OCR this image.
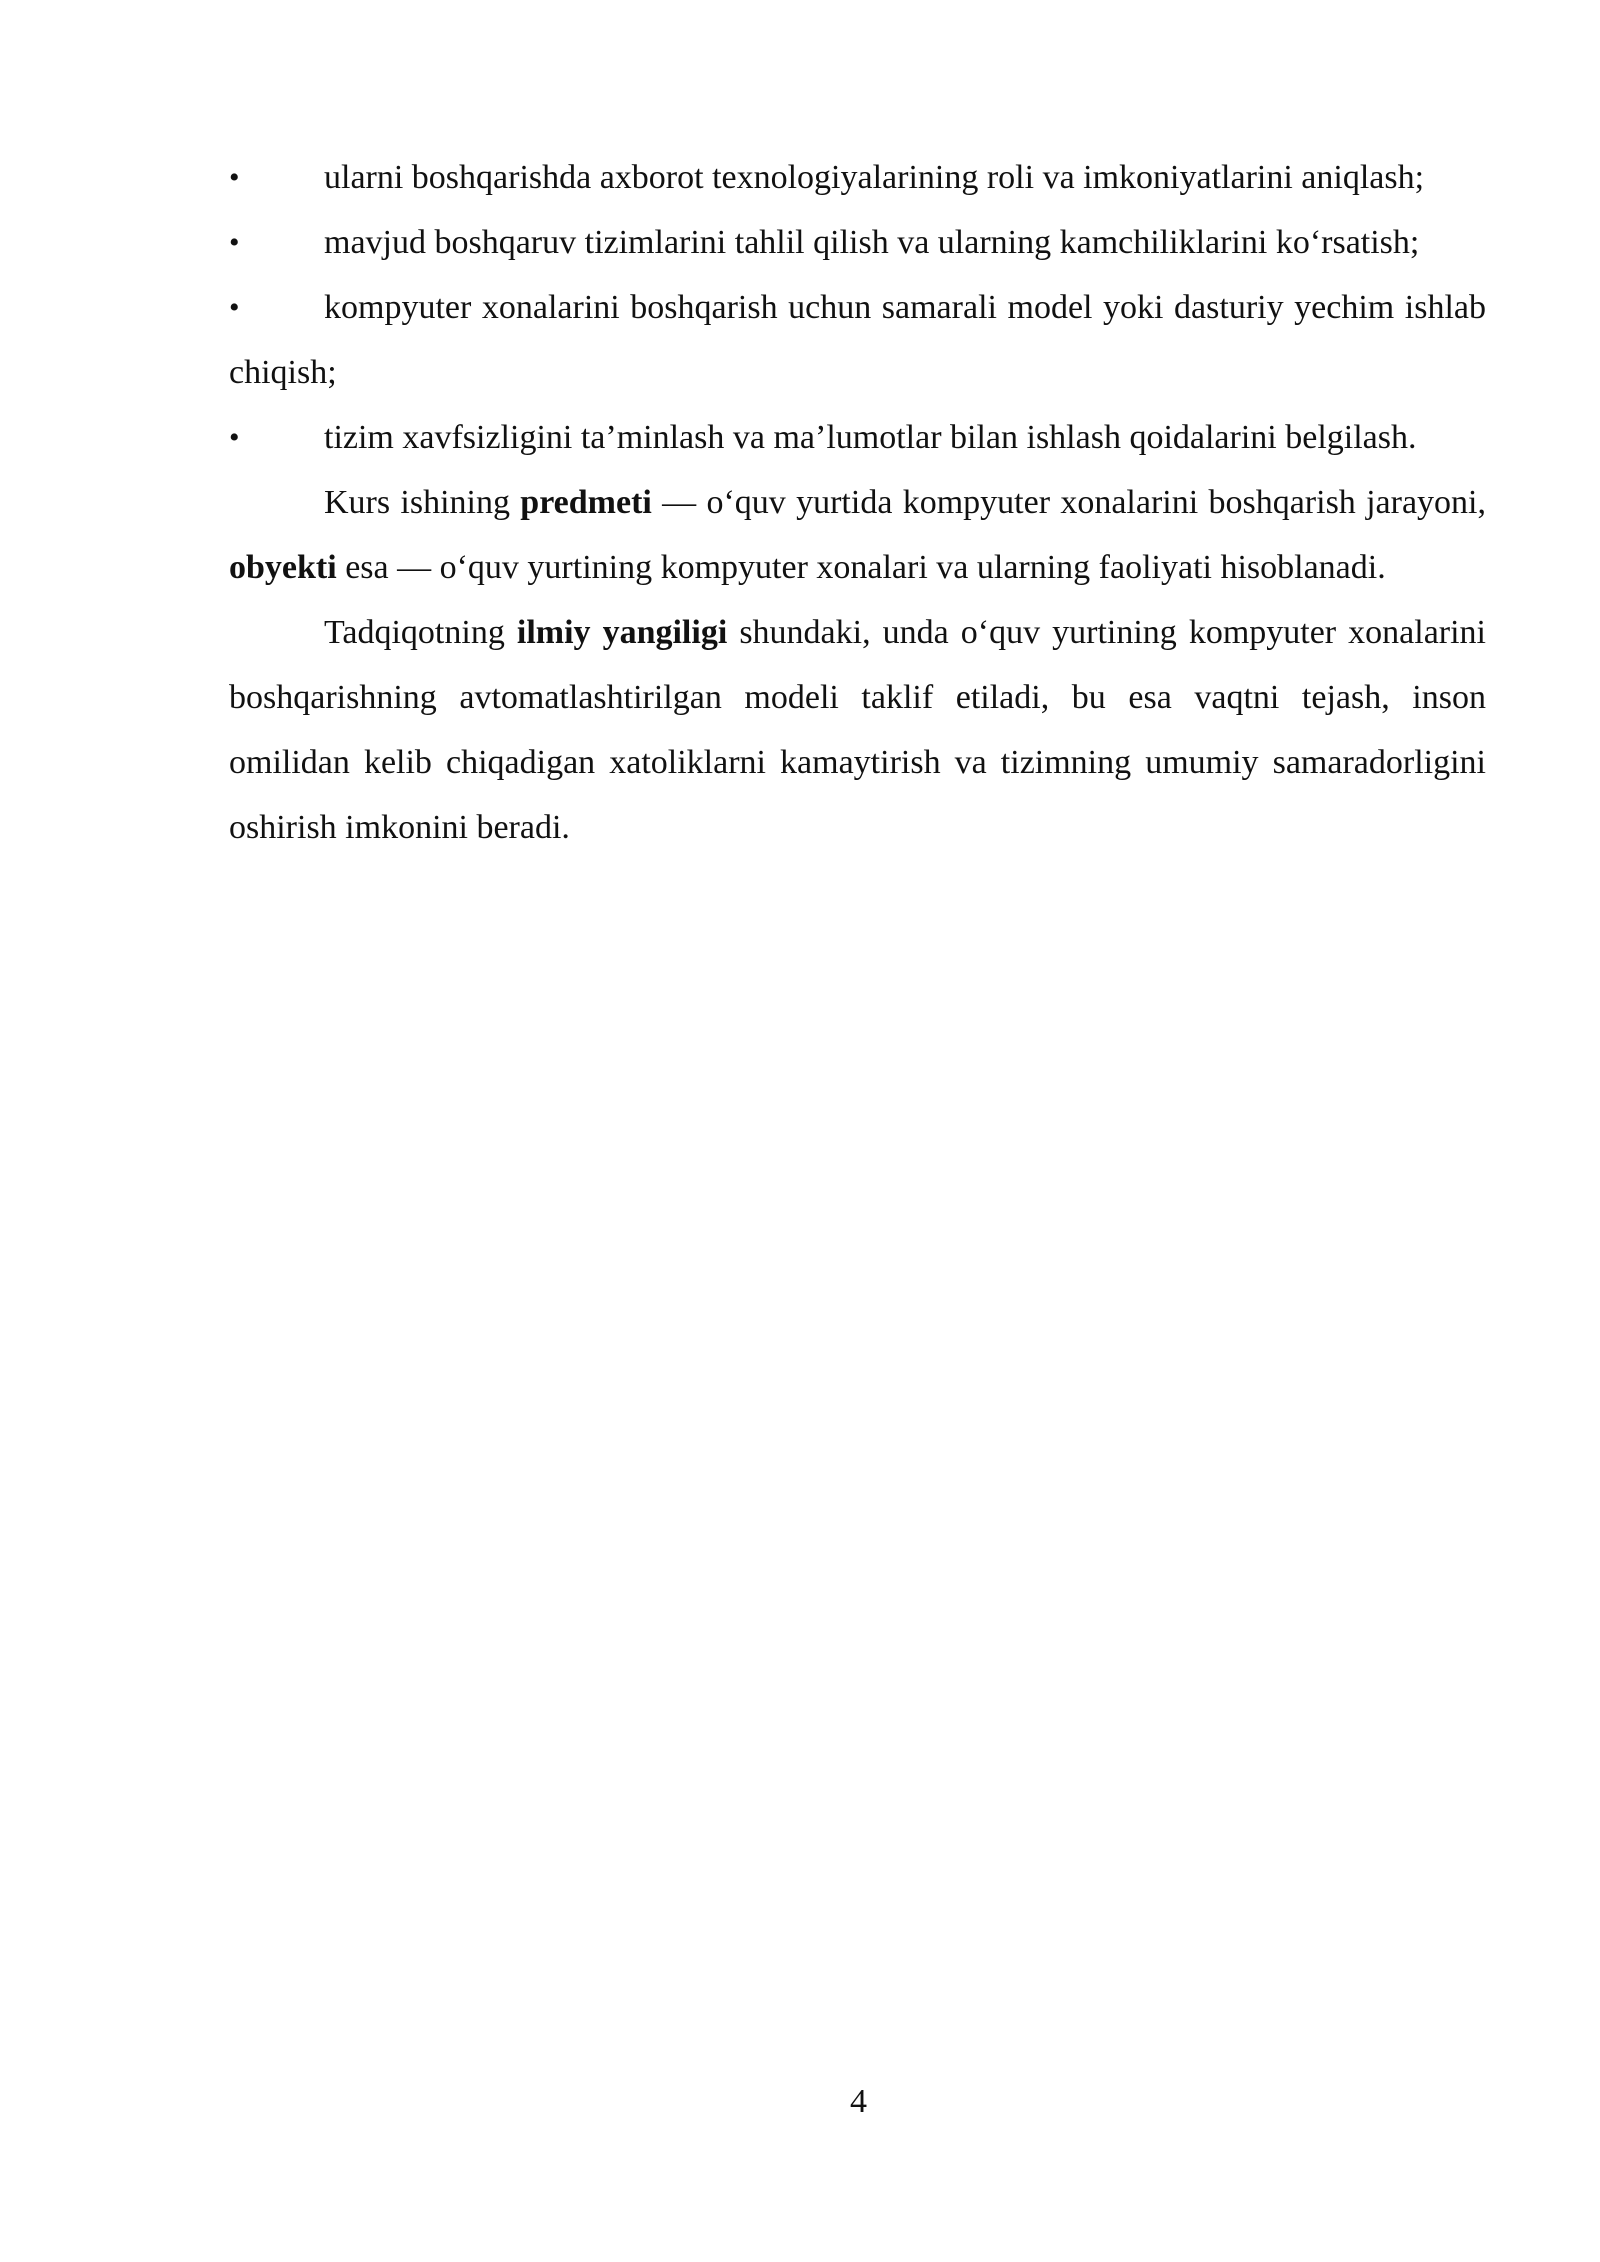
• ularni boshqarishda axborot texnologiyalarining roli va imkoniyatlarini aniqlash;

• mavjud boshqaruv tizimlarini tahlil qilish va ularning kamchiliklarini ko‘rsatish;

• kompyuter xonalarini boshqarish uchun samarali model yoki dasturiy yechim ishlab chiqish;

• tizim xavfsizligini ta’minlash va ma’lumotlar bilan ishlash qoidalarini belgilash.

Kurs ishining predmeti — o‘quv yurtida kompyuter xonalarini boshqarish jarayoni, obyekti esa — o‘quv yurtining kompyuter xonalari va ularning faoliyati hisoblanadi.

Tadqiqotning ilmiy yangiligi shundaki, unda o‘quv yurtining kompyuter xonalarini boshqarishning avtomatlashtirilgan modeli taklif etiladi, bu esa vaqtni tejash, inson omilidan kelib chiqadigan xatoliklarni kamaytirish va tizimning umumiy samaradorligini oshirish imkonini beradi.

4
